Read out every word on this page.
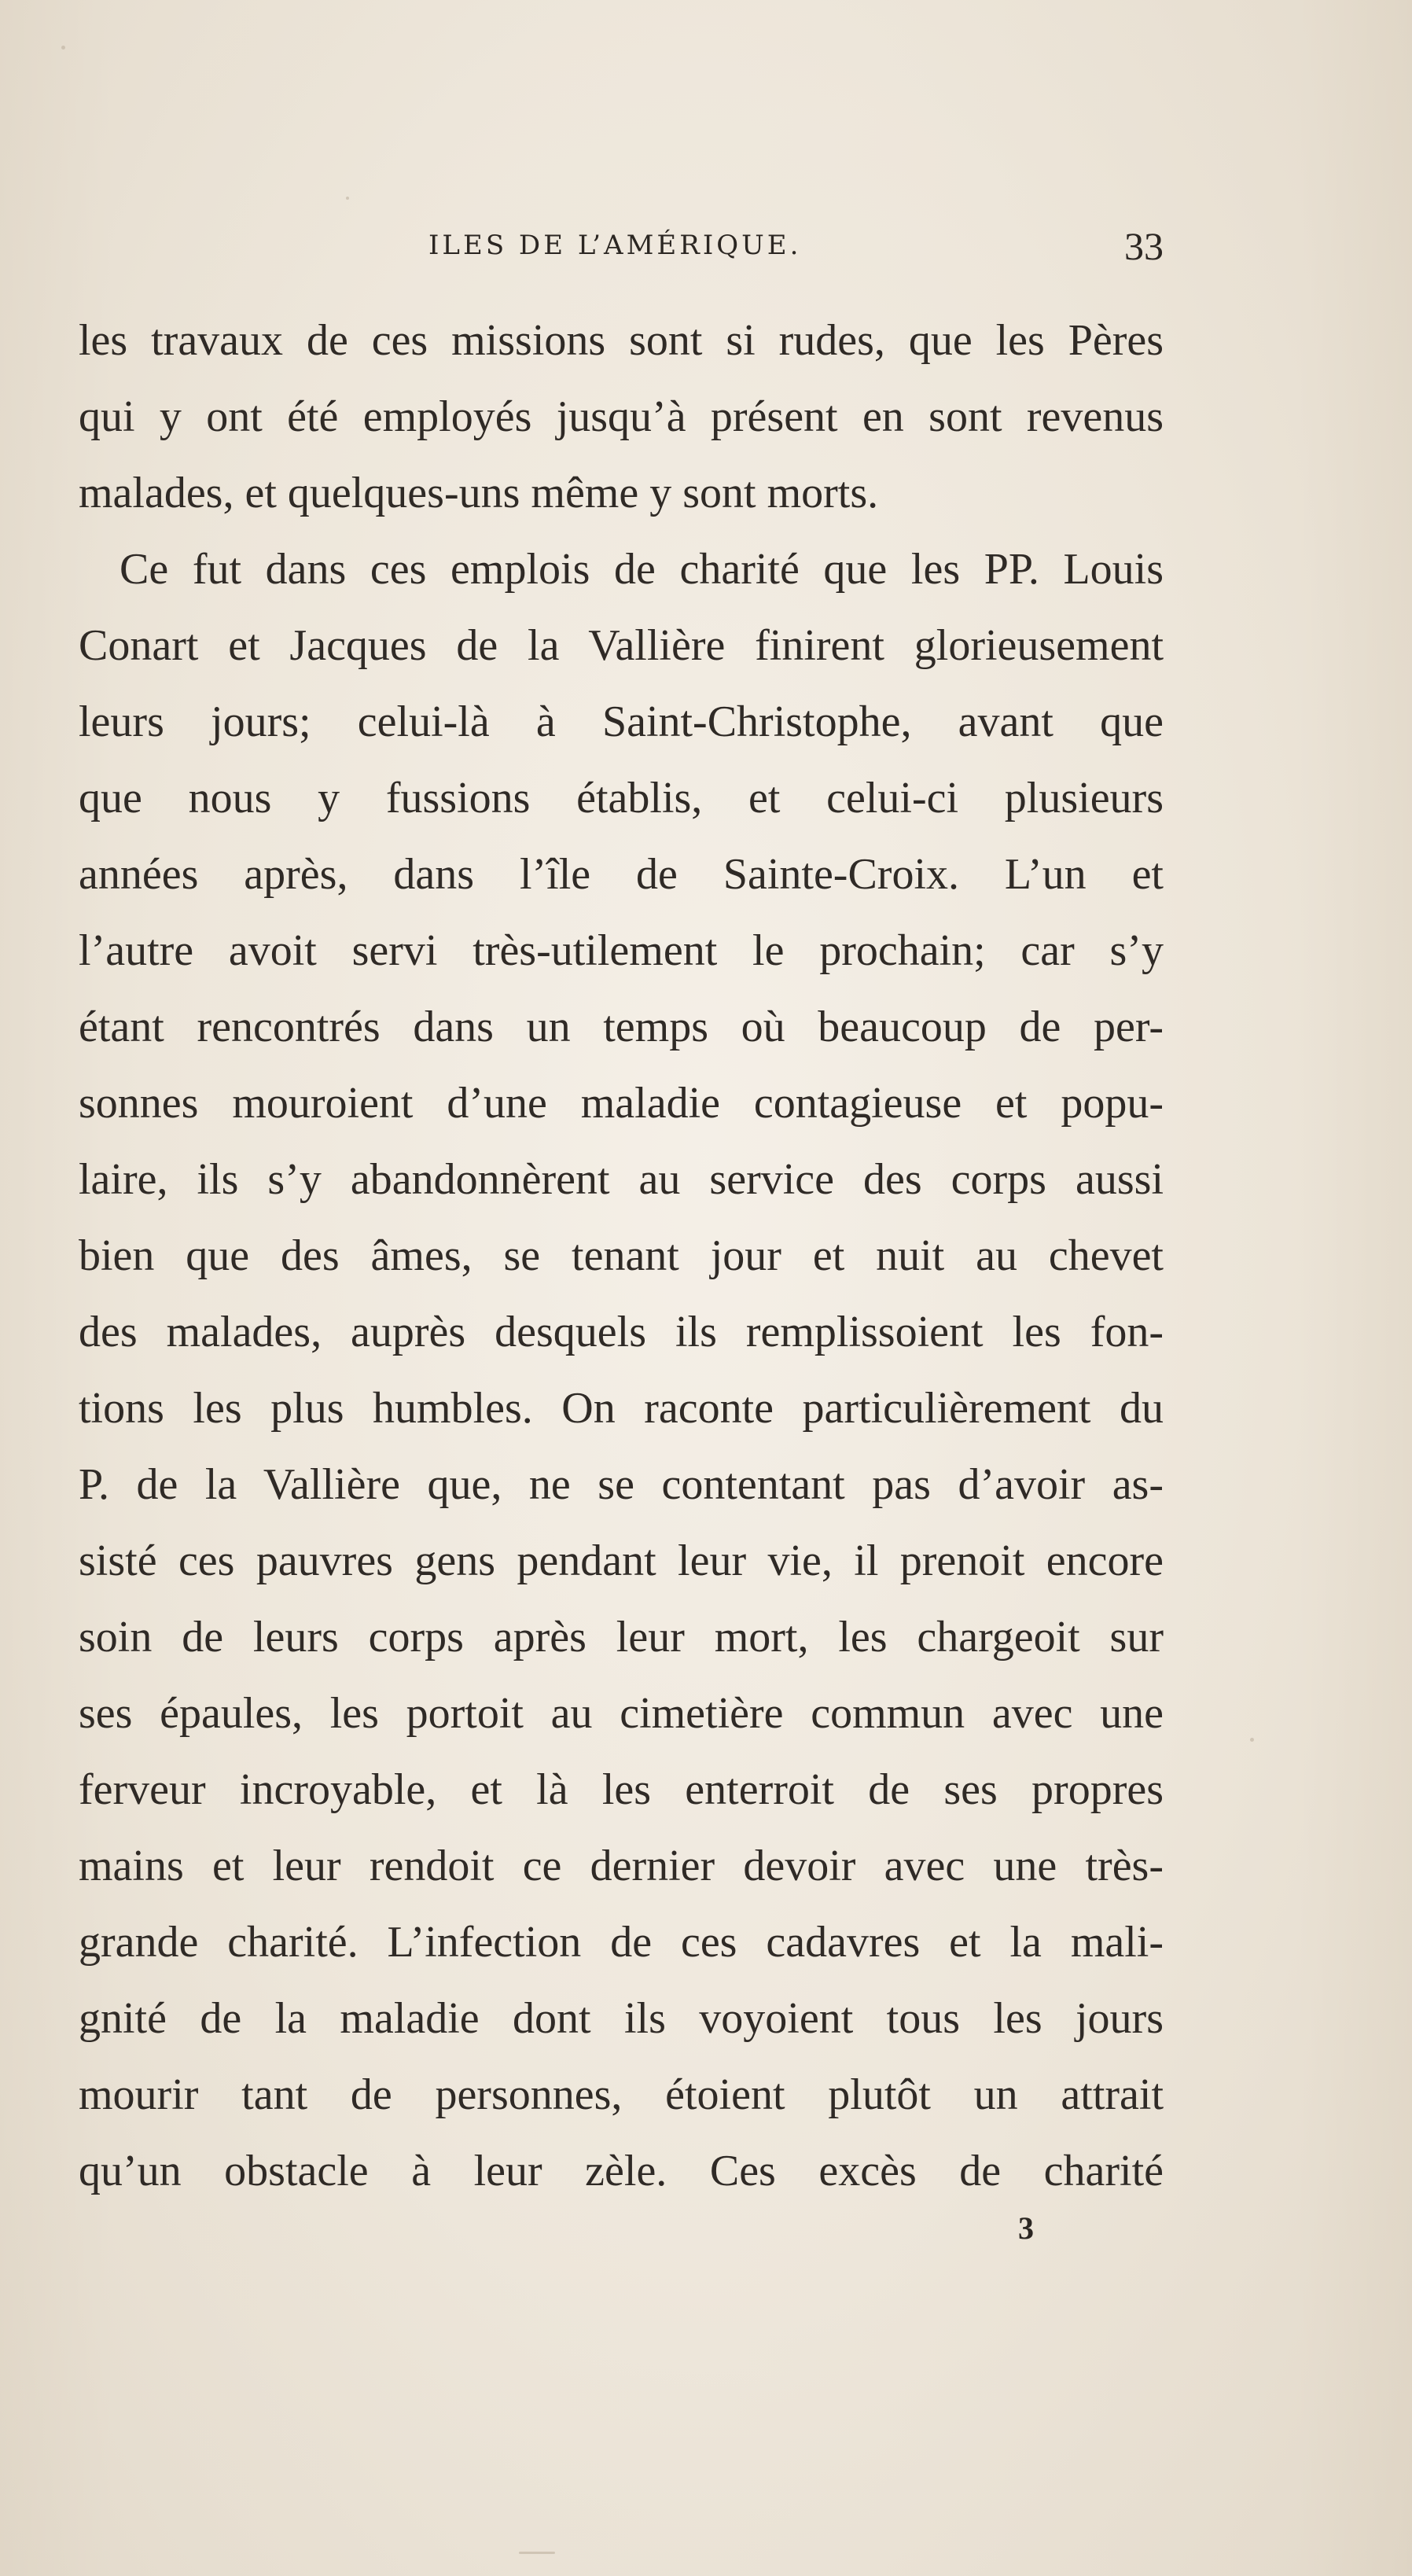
ILES DE L’AMÉRIQUE.	33
les travaux de ces missions sont si rudes, que les Pères
qui y ont été employés jusqu’à présent en sont revenus
malades, et quelques-uns même y sont morts.
Ce fut dans ces emplois de charité que les PP. Louis
Conart et Jacques de la Vallière finirent glorieusement
leurs jours; celui-là à Saint-Christophe, avant que
que nous y fussions établis, et celui-ci plusieurs
années après, dans l’île de Sainte-Croix. L’un et
l’autre avoit servi très-utilement le prochain; car s’y
étant rencontrés dans un temps où beaucoup de per-
sonnes mouroient d’une maladie contagieuse et popu-
laire, ils s’y abandonnèrent au service des corps aussi
bien que des âmes, se tenant jour et nuit au chevet
des malades, auprès desquels ils remplissoient les fon-
tions les plus humbles. On raconte particulièrement du
P. de la Vallière que, ne se contentant pas d’avoir as-
sisté ces pauvres gens pendant leur vie, il prenoit encore
soin de leurs corps après leur mort, les chargeoit sur
ses épaules, les portoit au cimetière commun avec une
ferveur incroyable, et là les enterroit de ses propres
mains et leur rendoit ce dernier devoir avec une très-
grande charité. L’infection de ces cadavres et la mali-
gnité de la maladie dont ils voyoient tous les jours
mourir tant de personnes, étoient plutôt un attrait
qu’un obstacle à leur zèle. Ces excès de charité
3
